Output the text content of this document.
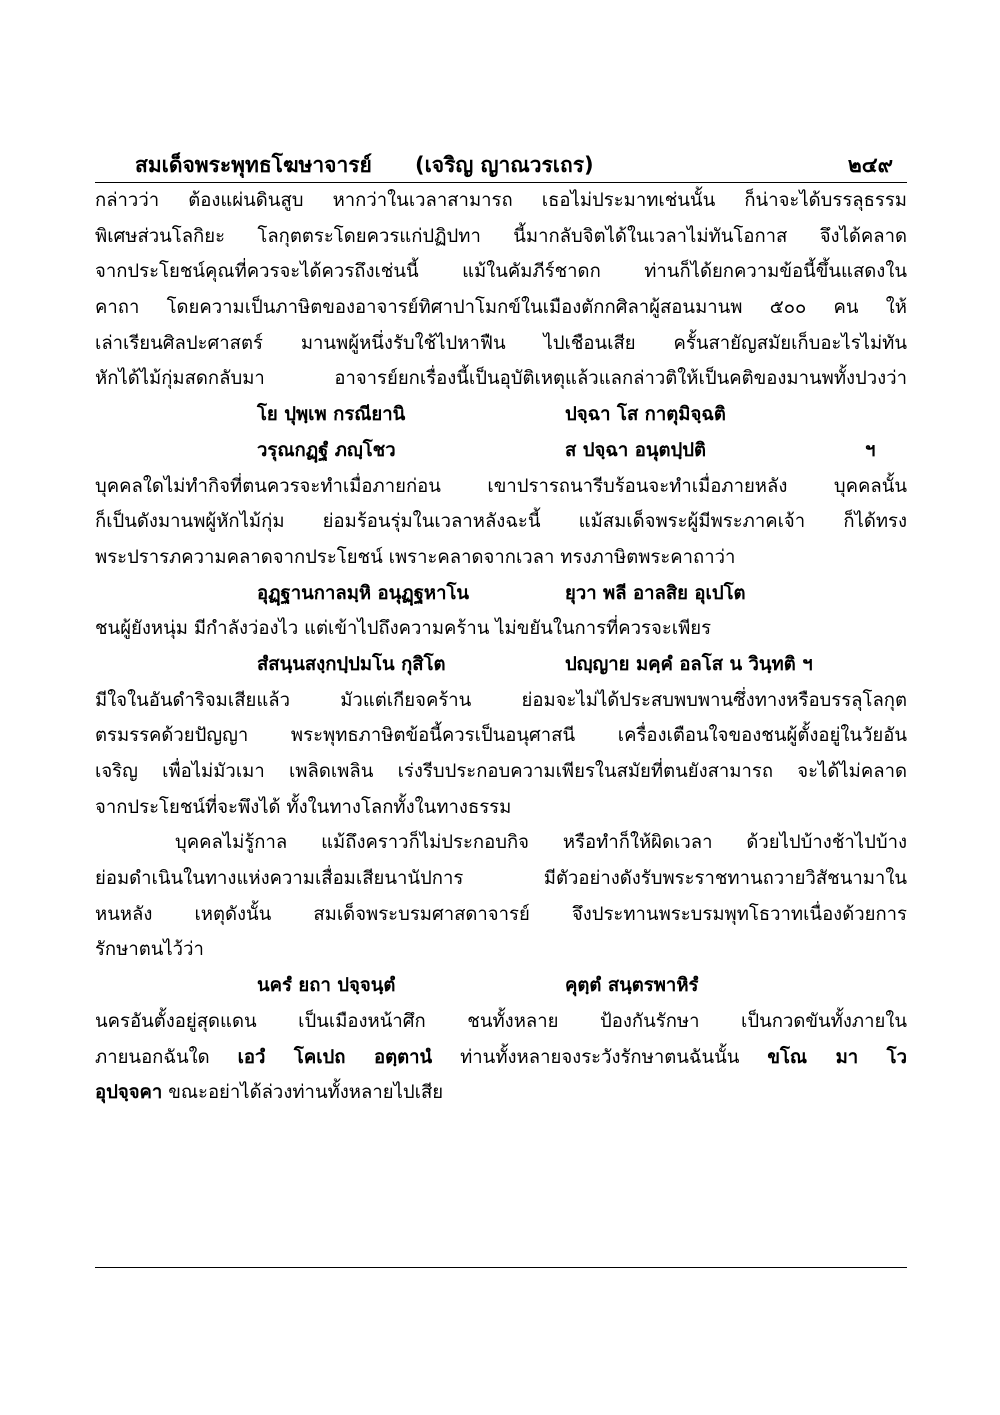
สมเด็จพระพุทธโฆษาจารย์ (เจริญ ญาณวรเถร)	๒๔๙
กล่าวว่า ต้องแผ่นดินสูบ หากว่าในเวลาสามารถ เธอไม่ประมาทเช่นนั้น ก็น่าจะได้บรรลุธรรม
พิเศษส่วนโลกิยะ โลกุตตระโดยควรแก่ปฏิปทา นี้มากลับจิตได้ในเวลาไม่ทันโอกาส จึงได้คลาด
จากประโยชน์คุณที่ควรจะได้ควรถึงเช่นนี้ แม้ในคัมภีร์ชาดก ท่านก็ได้ยกความข้อนี้ขึ้นแสดงใน
คาถา โดยความเป็นภาษิตของอาจารย์ทิศาปาโมกข์ในเมืองตักกศิลาผู้สอนมานพ ๕๐๐ คน ให้
เล่าเรียนศิลปะศาสตร์ มานพผู้หนึ่งรับใช้ไปหาฟืน ไปเชือนเสีย ครั้นสายัญสมัยเก็บอะไรไม่ทัน
หักได้ไม้กุ่มสดกลับมา อาจารย์ยกเรื่องนี้เป็นอุบัติเหตุแล้วแลกล่าวติให้เป็นคติของมานพทั้งปวงว่า
โย ปุพฺเพ กรณียานิ	ปจฺฉา โส กาตุมิจฺฉติ
วรุณกฏฺฐํ ภญฺโชว	ส ปจฺฉา อนุตปฺปติ	ฯ
บุคคลใดไม่ทำกิจที่ตนควรจะทำเมื่อภายก่อน เขาปรารถนารีบร้อนจะทำเมื่อภายหลัง บุคคลนั้น
ก็เป็นดังมานพผู้หักไม้กุ่ม ย่อมร้อนรุ่มในเวลาหลังฉะนี้ แม้สมเด็จพระผู้มีพระภาคเจ้า ก็ได้ทรง
พระปรารภความคลาดจากประโยชน์ เพราะคลาดจากเวลา ทรงภาษิตพระคาถาว่า
อุฏฺฐานกาลมฺหิ อนุฏฺฐหาโน	ยุวา พลี อาลสิย อุเปโต
ชนผู้ยังหนุ่ม มีกำลังว่องไว แต่เข้าไปถึงความคร้าน ไม่ขยันในการที่ควรจะเพียร
สํสนฺนสงฺกปฺปมโน กุสิโต	ปญฺญาย มคฺคํ อลโส น วินฺทติ ฯ
มีใจในอันดำริจมเสียแล้ว มัวแต่เกียจคร้าน ย่อมจะไม่ได้ประสบพบพานซึ่งทางหรือบรรลุโลกุต
ตรมรรคด้วยปัญญา พระพุทธภาษิตข้อนี้ควรเป็นอนุศาสนี เครื่องเตือนใจของชนผู้ตั้งอยู่ในวัยอัน
เจริญ เพื่อไม่มัวเมา เพลิดเพลิน เร่งรีบประกอบความเพียรในสมัยที่ตนยังสามารถ จะได้ไม่คลาด
จากประโยชน์ที่จะพึงได้ ทั้งในทางโลกทั้งในทางธรรม
บุคคลไม่รู้กาล แม้ถึงคราวก็ไม่ประกอบกิจ หรือทำก็ให้ผิดเวลา ด้วยไปบ้างช้าไปบ้าง
ย่อมดำเนินในทางแห่งความเสื่อมเสียนานัปการ มีตัวอย่างดังรับพระราชทานถวายวิสัชนามาใน
หนหลัง เหตุดังนั้น สมเด็จพระบรมศาสดาจารย์ จึงประทานพระบรมพุทโธวาทเนื่องด้วยการ
รักษาตนไว้ว่า
นครํ ยถา ปจฺจนฺตํ	คุตฺตํ สนฺตรพาหิรํ
นครอันตั้งอยู่สุดแดน เป็นเมืองหน้าศึก ชนทั้งหลาย ป้องกันรักษา เป็นกวดขันทั้งภายใน
ภายนอกฉันใด เอวํ โคเปถ อตฺตานํ ท่านทั้งหลายจงระวังรักษาตนฉันนั้น ขโณ มา โว
อุปจฺจคา ขณะอย่าได้ล่วงท่านทั้งหลายไปเสีย
